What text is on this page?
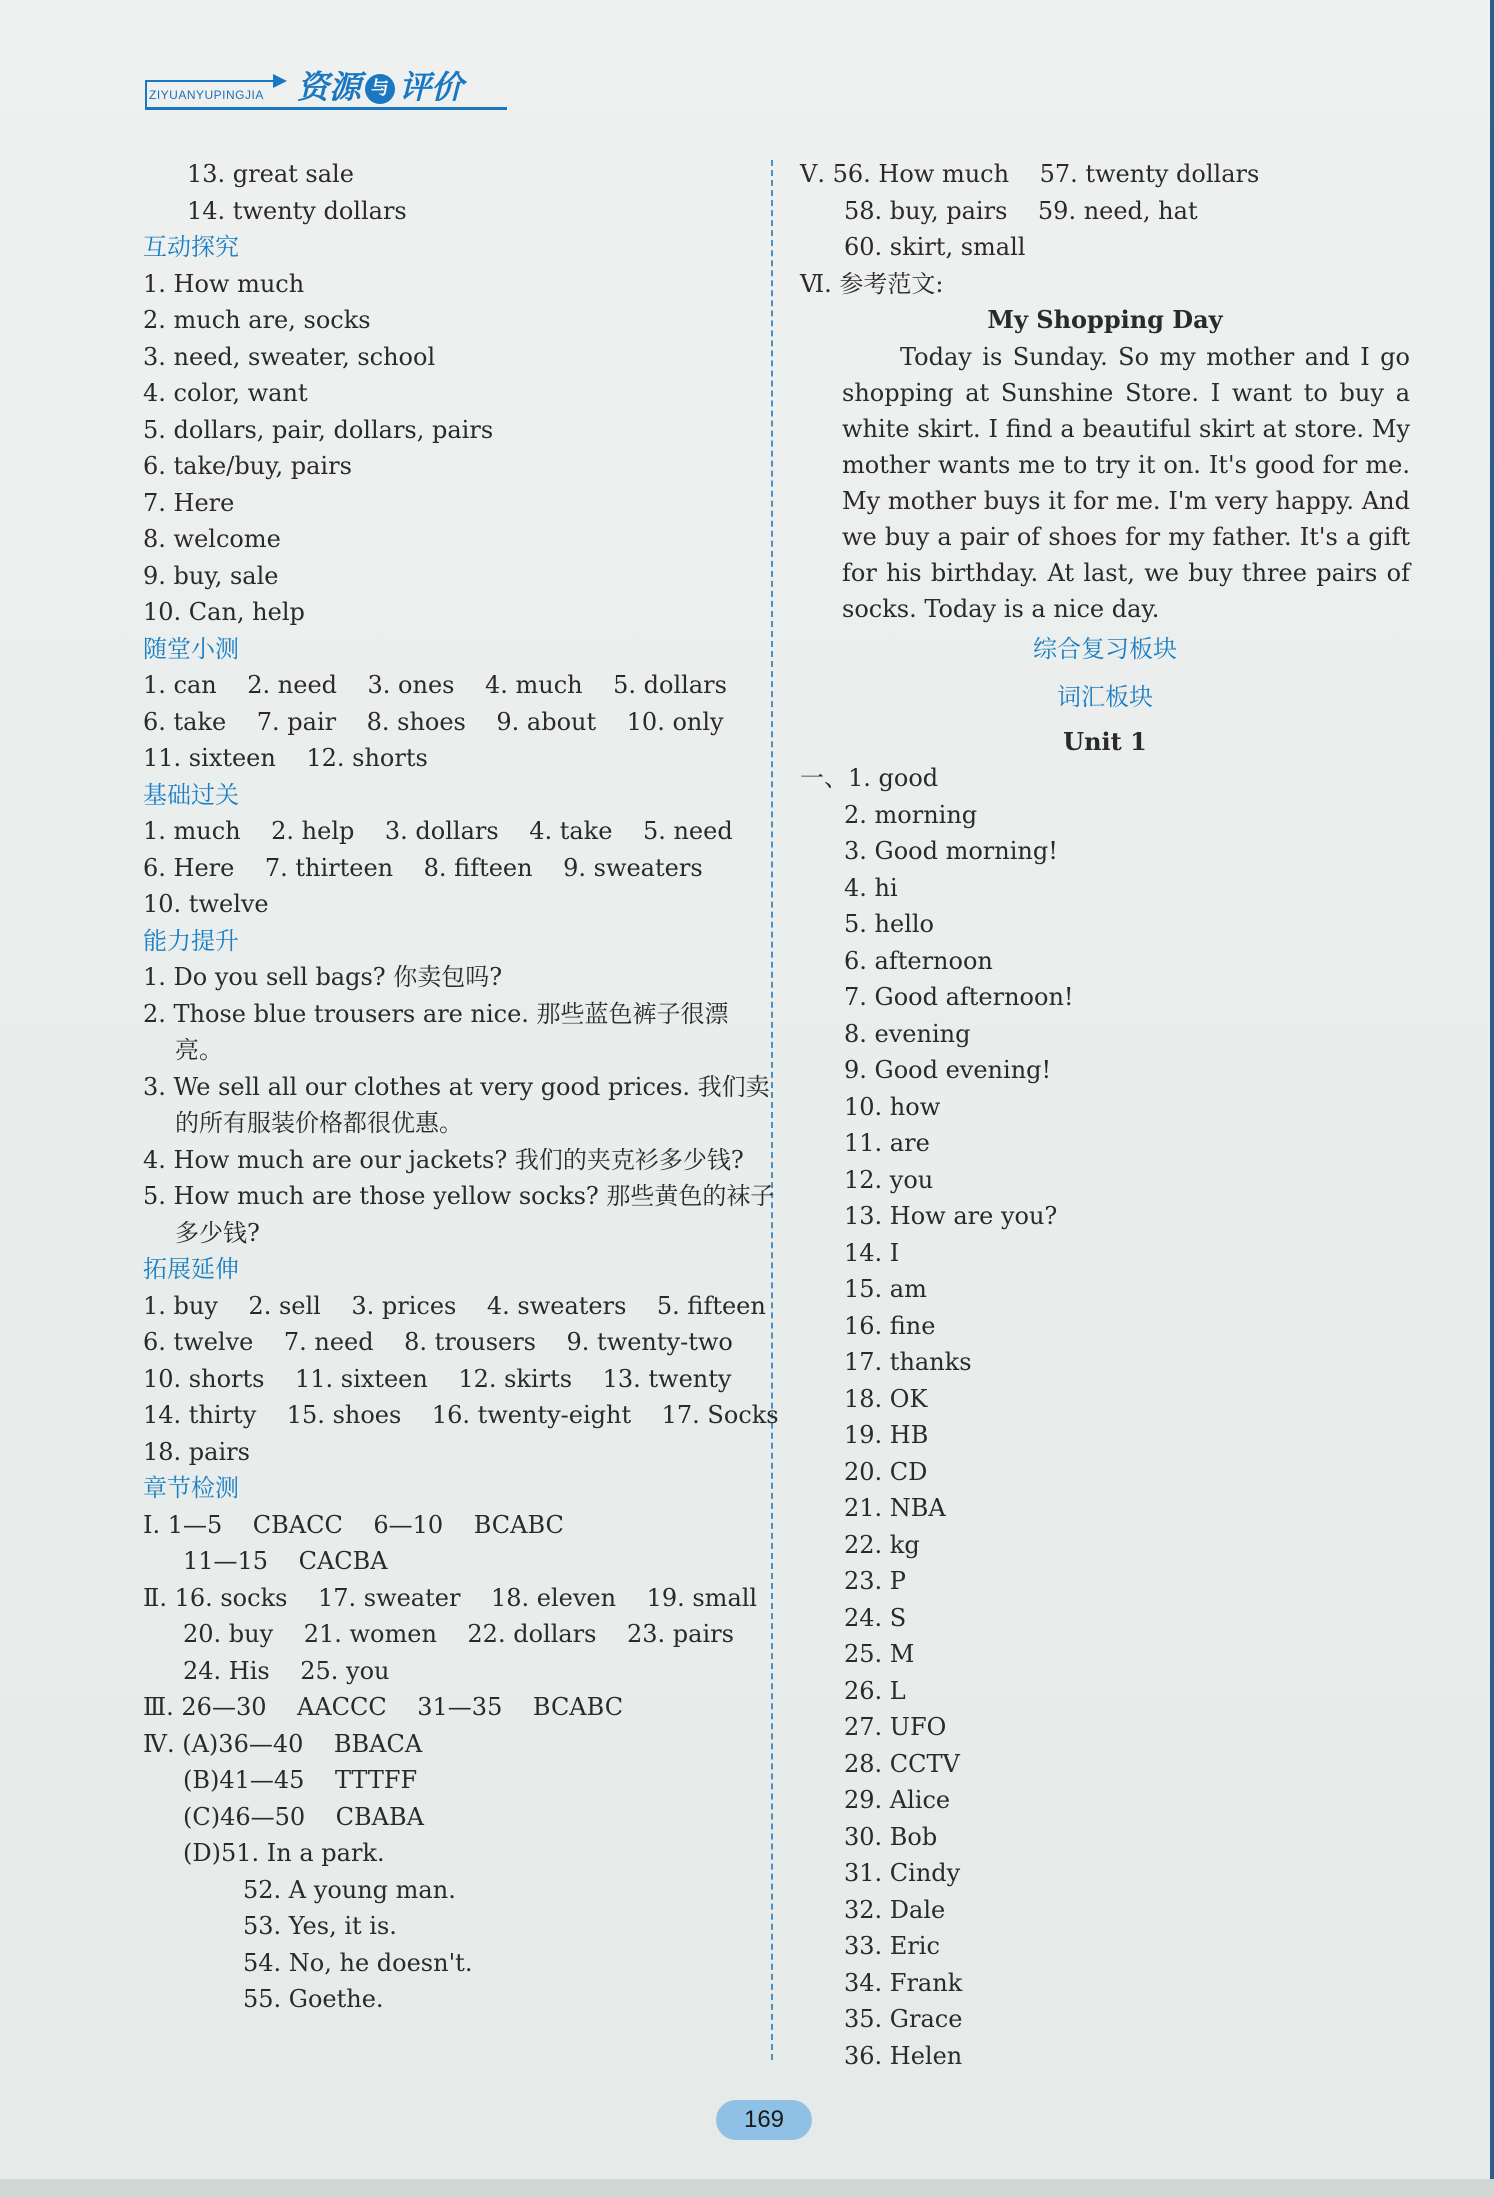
ZIYUANYUPINGJIA 资源 与 评价
13. great sale
14. twenty dollars
互动探究
1. How much
2. much are, socks
3. need, sweater, school
4. color, want
5. dollars, pair, dollars, pairs
6. take/buy, pairs
7. Here
8. welcome
9. buy, sale
10. Can, help
随堂小测
1. can    2. need    3. ones    4. much    5. dollars
6. take    7. pair    8. shoes    9. about    10. only
11. sixteen    12. shorts
基础过关
1. much    2. help    3. dollars    4. take    5. need
6. Here    7. thirteen    8. fifteen    9. sweaters
10. twelve
能力提升
1. Do you sell bags? 你卖包吗?
2. Those blue trousers are nice. 那些蓝色裤子很漂亮。
3. We sell all our clothes at very good prices. 我们卖的所有服装价格都很优惠。
4. How much are our jackets? 我们的夹克衫多少钱?
5. How much are those yellow socks? 那些黄色的袜子多少钱?
拓展延伸
1. buy    2. sell    3. prices    4. sweaters    5. fifteen
6. twelve    7. need    8. trousers    9. twenty-two
10. shorts    11. sixteen    12. skirts    13. twenty
14. thirty    15. shoes    16. twenty-eight    17. Socks
18. pairs
章节检测
Ⅰ. 1—5    CBACC    6—10    BCABC
11—15    CACBA
Ⅱ. 16. socks    17. sweater    18. eleven    19. small
20. buy    21. women    22. dollars    23. pairs
24. His    25. you
Ⅲ. 26—30    AACCC    31—35    BCABC
Ⅳ. (A)36—40    BBACA
(B)41—45    TTTFF
(C)46—50    CBABA
(D)51. In a park.
52. A young man.
53. Yes, it is.
54. No, he doesn't.
55. Goethe.
Ⅴ. 56. How much    57. twenty dollars
58. buy, pairs    59. need, hat
60. skirt, small
Ⅵ. 参考范文:
My Shopping Day
Today is Sunday. So my mother and I go shopping at Sunshine Store. I want to buy a white skirt. I find a beautiful skirt at store. My mother wants me to try it on. It's good for me. My mother buys it for me. I'm very happy. And we buy a pair of shoes for my father. It's a gift for his birthday. At last, we buy three pairs of socks. Today is a nice day.
综合复习板块
词汇板块
Unit 1
一、1. good
2. morning
3. Good morning!
4. hi
5. hello
6. afternoon
7. Good afternoon!
8. evening
9. Good evening!
10. how
11. are
12. you
13. How are you?
14. I
15. am
16. fine
17. thanks
18. OK
19. HB
20. CD
21. NBA
22. kg
23. P
24. S
25. M
26. L
27. UFO
28. CCTV
29. Alice
30. Bob
31. Cindy
32. Dale
33. Eric
34. Frank
35. Grace
36. Helen
169
